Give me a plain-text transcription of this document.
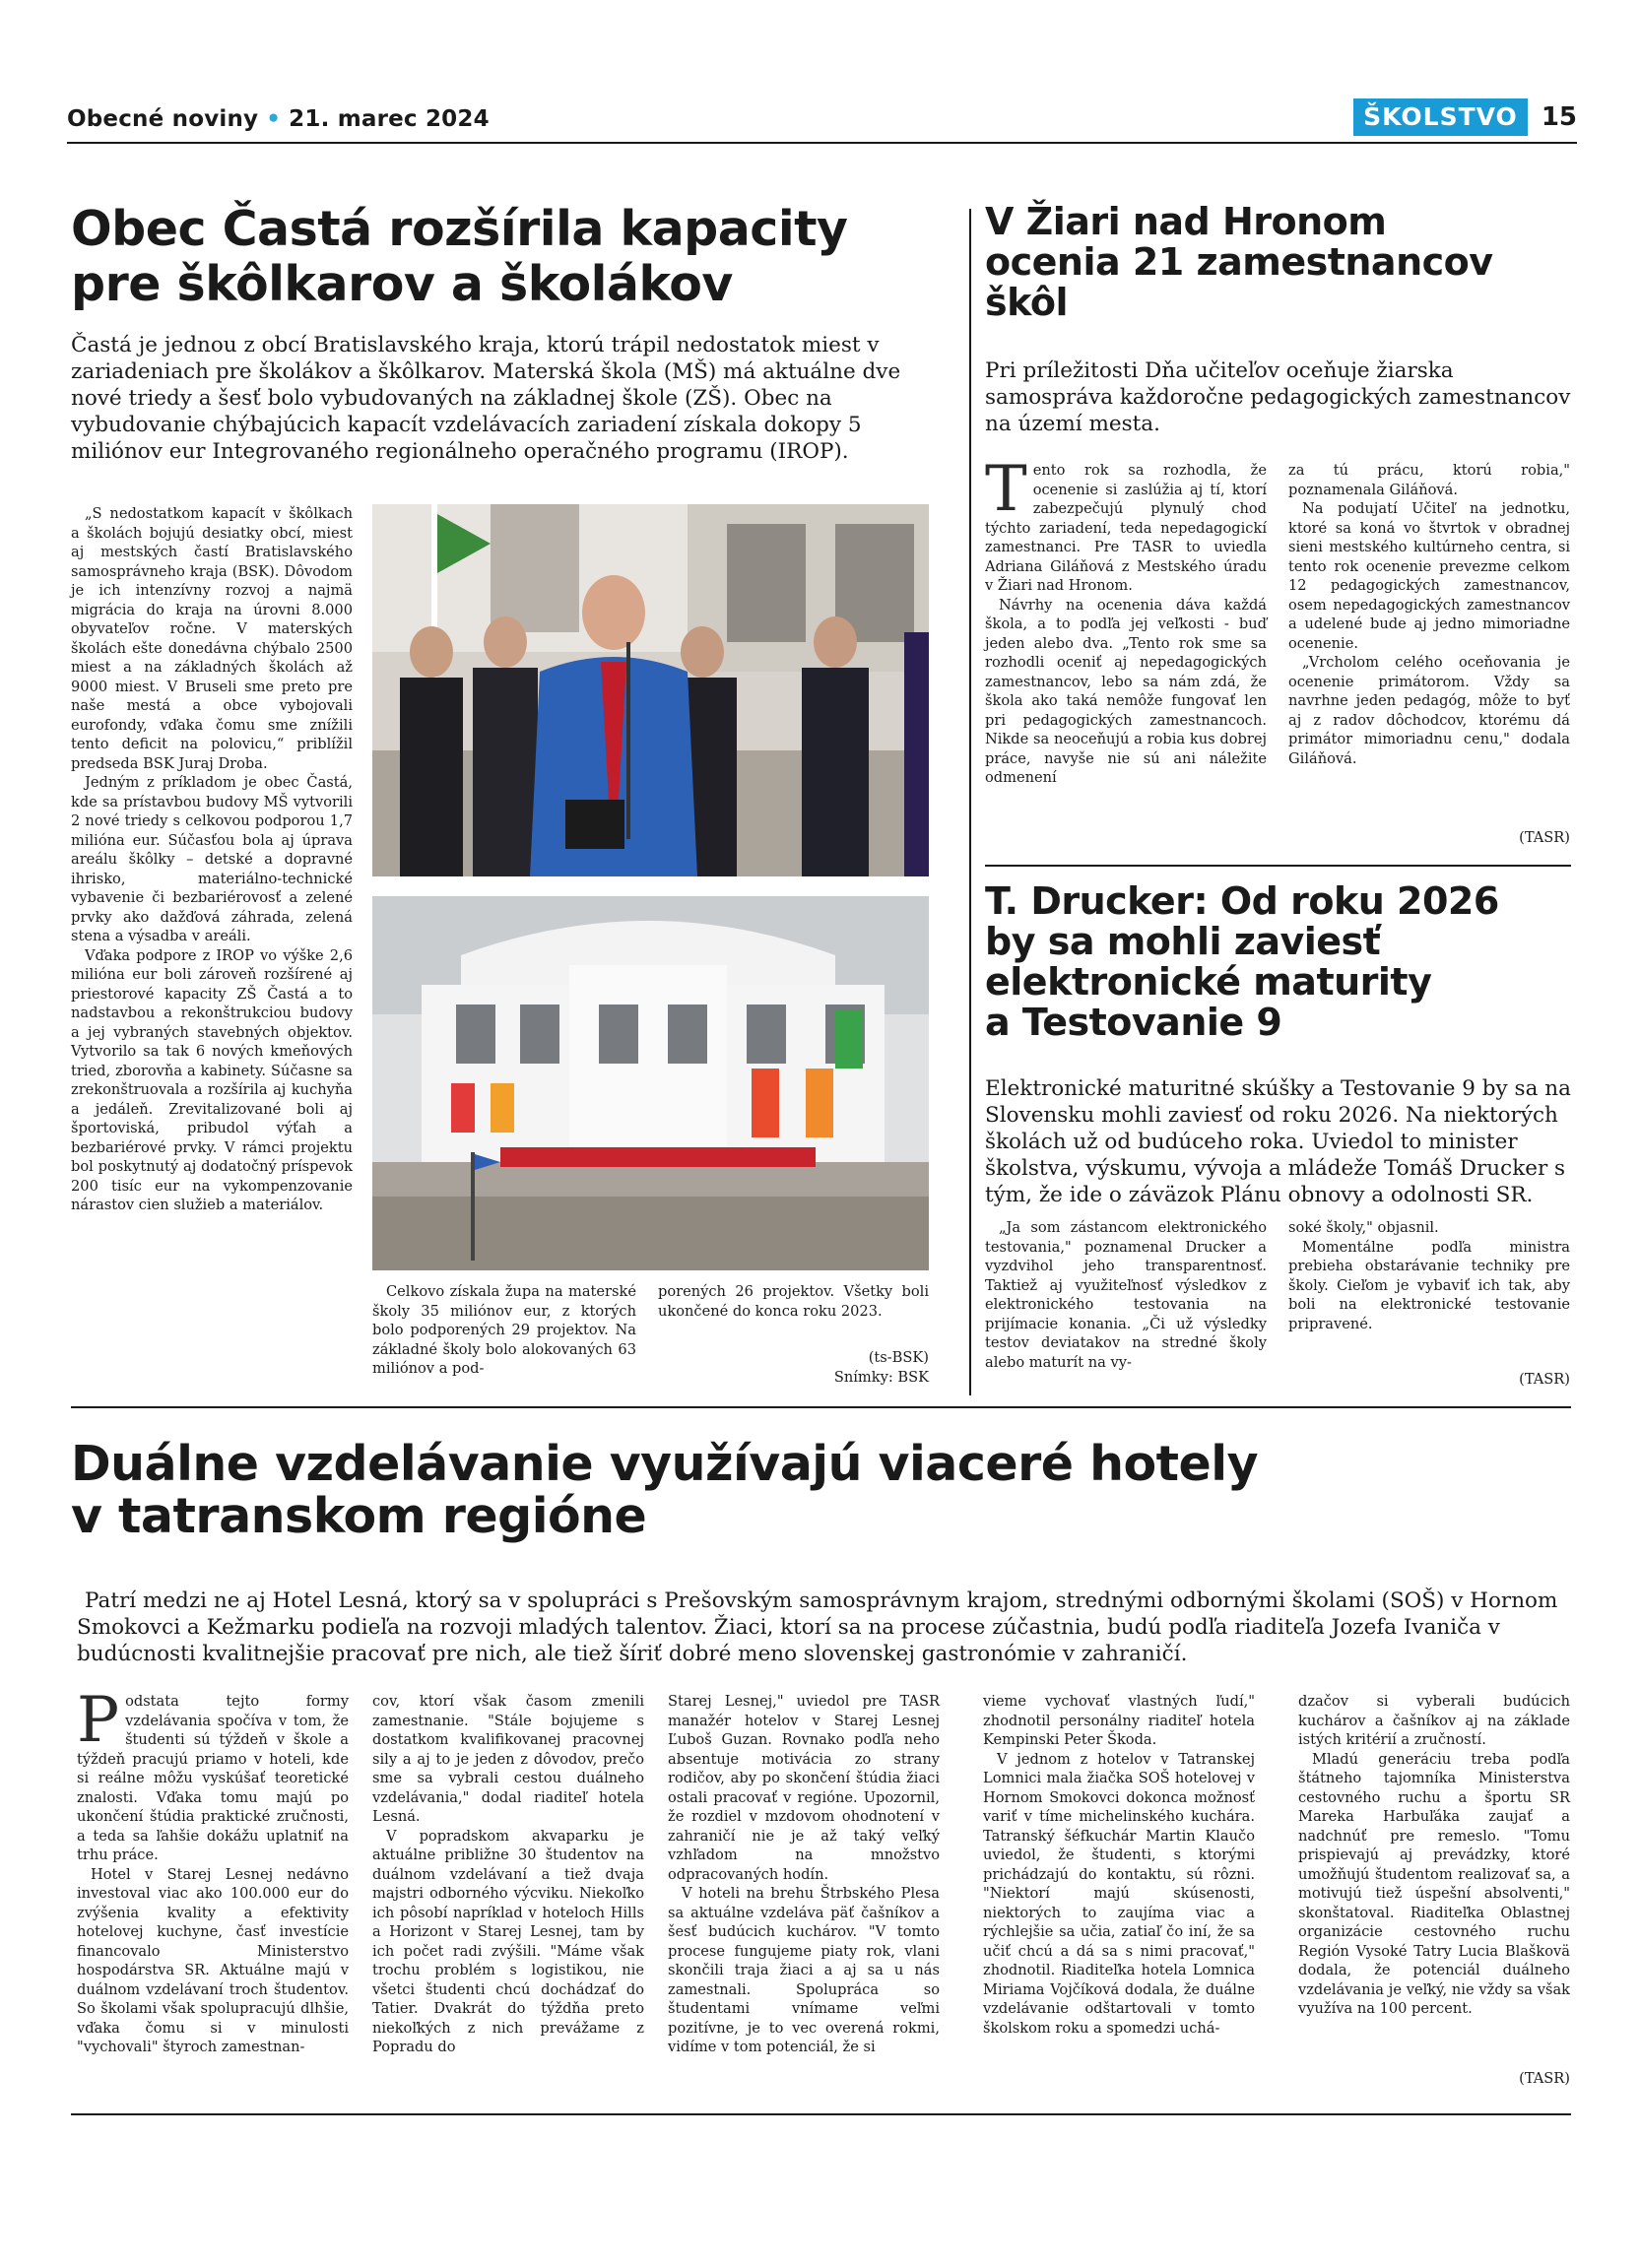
Obecné noviny • 21. marec 2024	ŠKOLSTVO 15
Obec Častá rozšírila kapacity
pre škôlkarov a školákov
Častá je jednou z obcí Bratislavského kraja, ktorú trápil nedostatok miest v zariadeniach pre školákov a škôlkarov. Materská škola (MŠ) má aktuálne dve nové triedy a šesť bolo vybudovaných na základnej škole (ZŠ). Obec na vybudovanie chýbajúcich kapacít vzdelávacích zariadení získala dokopy 5 miliónov eur Integrovaného regionálneho operačného programu (IROP).

„S nedostatkom kapacít v škôlkach a školách bojujú desiatky obcí, miest aj mestských častí Bratislavského samosprávneho kraja (BSK). Dôvodom je ich intenzívny rozvoj a najmä migrácia do kraja na úrovni 8.000 obyvateľov ročne. V materských školách ešte donedávna chýbalo 2500 miest a na základných školách až 9000 miest. V Bruseli sme preto pre naše mestá a obce vybojovali eurofondy, vďaka čomu sme znížili tento deficit na polovicu,“ priblížil predseda BSK Juraj Droba.

Jedným z príkladom je obec Častá, kde sa prístavbou budovy MŠ vytvorili 2 nové triedy s celkovou podporou 1,7 milióna eur. Súčasťou bola aj úprava areálu škôlky – detské a dopravné ihrisko, materiálno-technické vybavenie či bezbariérovosť a zelené prvky ako dažďová záhrada, zelená stena a výsadba v areáli.

Vďaka podpore z IROP vo výške 2,6 milióna eur boli zároveň rozšírené aj priestorové kapacity ZŠ Častá a to nadstavbou a rekonštrukciou budovy a jej vybraných stavebných objektov. Vytvorilo sa tak 6 nových kmeňových tried, zborovňa a kabinety. Súčasne sa zrekonštruovala a rozšírila aj kuchyňa a jedáleň. Zrevitalizované boli aj športoviská, pribudol výťah a bezbariérové prvky. V rámci projektu bol poskytnutý aj dodatočný príspevok 200 tisíc eur na vykompenzovanie nárastov cien služieb a materiálov.

Celkovo získala župa na materské školy 35 miliónov eur, z ktorých bolo podporených 29 projektov. Na základné školy bolo alokovaných 63 miliónov a pod-

porených 26 projektov. Všetky boli ukončené do konca roku 2023.

(ts-BSK)
Snímky: BSK
V Žiari nad Hronom
ocenia 21 zamestnancov
škôl
Pri príležitosti Dňa učiteľov oceňuje žiarska samospráva každoročne pedagogických zamestnancov na území mesta.

Tento rok sa rozhodla, že ocenenie si zaslúžia aj tí, ktorí zabezpečujú plynulý chod týchto zariadení, teda nepedagogickí zamestnanci. Pre TASR to uviedla Adriana Giláňová z Mestského úradu v Žiari nad Hronom.

Návrhy na ocenenia dáva každá škola, a to podľa jej veľkosti - buď jeden alebo dva. „Tento rok sme sa rozhodli oceniť aj nepedagogických zamestnancov, lebo sa nám zdá, že škola ako taká nemôže fungovať len pri pedagogických zamestnancoch. Nikde sa neoceňujú a robia kus dobrej práce, navyše nie sú ani náležite odmenení

za tú prácu, ktorú robia," poznamenala Giláňová.

Na podujatí Učiteľ na jednotku, ktoré sa koná vo štvrtok v obradnej sieni mestského kultúrneho centra, si tento rok ocenenie prevezme celkom 12 pedagogických zamestnancov, osem nepedagogických zamestnancov a udelené bude aj jedno mimoriadne ocenenie.

„Vrcholom celého oceňovania je ocenenie primátorom. Vždy sa navrhne jeden pedagóg, môže to byť aj z radov dôchodcov, ktorému dá primátor mimoriadnu cenu," dodala Giláňová.

(TASR)
T. Drucker: Od roku 2026
by sa mohli zaviesť
elektronické maturity
a Testovanie 9
Elektronické maturitné skúšky a Testovanie 9 by sa na Slovensku mohli zaviesť od roku 2026. Na niektorých školách už od budúceho roka. Uviedol to minister školstva, výskumu, vývoja a mládeže Tomáš Drucker s tým, že ide o záväzok Plánu obnovy a odolnosti SR.

„Ja som zástancom elektronického testovania," poznamenal Drucker a vyzdvihol jeho transparentnosť. Taktiež aj využiteľnosť výsledkov z elektronického testovania na prijímacie konania. „Či už výsledky testov deviatakov na stredné školy alebo maturít na vy-

soké školy," objasnil.

Momentálne podľa ministra prebieha obstarávanie techniky pre školy. Cieľom je vybaviť ich tak, aby boli na elektronické testovanie pripravené.

(TASR)
Duálne vzdelávanie využívajú viaceré hotely
v tatranskom regióne
Patrí medzi ne aj Hotel Lesná, ktorý sa v spolupráci s Prešovským samosprávnym krajom, strednými odbornými školami (SOŠ) v Hornom Smokovci a Kežmarku podieľa na rozvoji mladých talentov. Žiaci, ktorí sa na procese zúčastnia, budú podľa riaditeľa Jozefa Ivaniča v budúcnosti kvalitnejšie pracovať pre nich, ale tiež šíriť dobré meno slovenskej gastronómie v zahraničí.

Podstata tejto formy vzdelávania spočíva v tom, že študenti sú týždeň v škole a týždeň pracujú priamo v hoteli, kde si reálne môžu vyskúšať teoretické znalosti. Vďaka tomu majú po ukončení štúdia praktické zručnosti, a teda sa ľahšie dokážu uplatniť na trhu práce.

Hotel v Starej Lesnej nedávno investoval viac ako 100.000 eur do zvýšenia kvality a efektivity hotelovej kuchyne, časť investície financovalo Ministerstvo hospodárstva SR. Aktuálne majú v duálnom vzdelávaní troch študentov. So školami však spolupracujú dlhšie, vďaka čomu si v minulosti "vychovali" štyroch zamestnan-

cov, ktorí však časom zmenili zamestnanie. "Stále bojujeme s dostatkom kvalifikovanej pracovnej sily a aj to je jeden z dôvodov, prečo sme sa vybrali cestou duálneho vzdelávania," dodal riaditeľ hotela Lesná.

V popradskom akvaparku je aktuálne približne 30 študentov na duálnom vzdelávaní a tiež dvaja majstri odborného výcviku. Niekoľko ich pôsobí napríklad v hoteloch Hills a Horizont v Starej Lesnej, tam by ich počet radi zvýšili. "Máme však trochu problém s logistikou, nie všetci študenti chcú dochádzať do Tatier. Dvakrát do týždňa preto niekoľkých z nich prevážame z Popradu do

Starej Lesnej," uviedol pre TASR manažér hotelov v Starej Lesnej Ľuboš Guzan. Rovnako podľa neho absentuje motivácia zo strany rodičov, aby po skončení štúdia žiaci ostali pracovať v regióne. Upozornil, že rozdiel v mzdovom ohodnotení v zahraničí nie je až taký veľký vzhľadom na množstvo odpracovaných hodín.

V hoteli na brehu Štrbského Plesa sa aktuálne vzdeláva päť čašníkov a šesť budúcich kuchárov. "V tomto procese fungujeme piaty rok, vlani skončili traja žiaci a aj sa u nás zamestnali. Spolupráca so študentami vnímame veľmi pozitívne, je to vec overená rokmi, vidíme v tom potenciál, že si

vieme vychovať vlastných ľudí," zhodnotil personálny riaditeľ hotela Kempinski Peter Škoda.

V jednom z hotelov v Tatranskej Lomnici mala žiačka SOŠ hotelovej v Hornom Smokovci dokonca možnosť variť v tíme michelinského kuchára. Tatranský šéfkuchár Martin Klaučo uviedol, že študenti, s ktorými prichádzajú do kontaktu, sú rôzni. "Niektorí majú skúsenosti, niektorých to zaujíma viac a rýchlejšie sa učia, zatiaľ čo iní, že sa učiť chcú a dá sa s nimi pracovať," zhodnotil. Riaditeľka hotela Lomnica Miriama Vojčíková dodala, že duálne vzdelávanie odštartovali v tomto školskom roku a spomedzi uchá-

dzačov si vyberali budúcich kuchárov a čašníkov aj na základe istých kritérií a zručností.

Mladú generáciu treba podľa štátneho tajomníka Ministerstva cestovného ruchu a športu SR Mareka Harbuľáka zaujať a nadchnúť pre remeslo. "Tomu prispievajú aj prevádzky, ktoré umožňujú študentom realizovať sa, a motivujú tiež úspešní absolventi," skonštatoval. Riaditeľka Oblastnej organizácie cestovného ruchu Región Vysoké Tatry Lucia Blaškovä dodala, že potenciál duálneho vzdelávania je veľký, nie vždy sa však využíva na 100 percent.

(TASR)
